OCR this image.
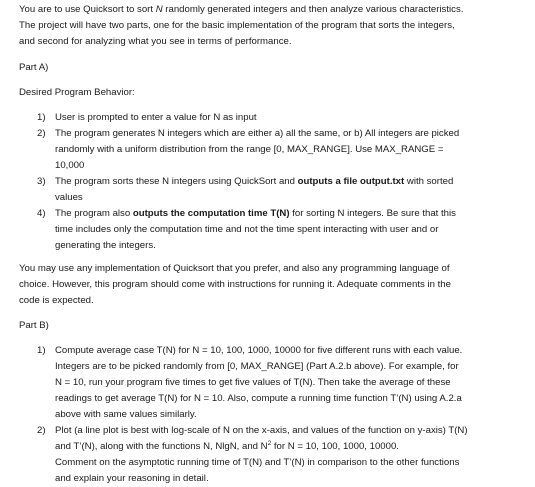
You are to use Quicksort to sort N randomly generated integers and then analyze various characteristics.
The project will have two parts, one for the basic implementation of the program that sorts the integers,
and second for analyzing what you see in terms of performance.
Part A)
Desired Program Behavior:
1) User is prompted to enter a value for N as input
2) The program generates N integers which are either a) all the same, or b) All integers are picked
randomly with a uniform distribution from the range [0, MAX_RANGE]. Use MAX_RANGE =
10,000
3) The program sorts these N integers using QuickSort and outputs a file output.txt with sorted
values
4) The program also outputs the computation time T(N) for sorting N integers. Be sure that this
time includes only the computation time and not the time spent interacting with user and or
generating the integers.
You may use any implementation of Quicksort that you prefer, and also any programming language of
choice. However, this program should come with instructions for running it. Adequate comments in the
code is expected.
Part B)
1) Compute average case T(N) for N = 10, 100, 1000, 10000 for five different runs with each value.
Integers are to be picked randomly from [0, MAX_RANGE] (Part A.2.b above). For example, for
N = 10, run your program five times to get five values of T(N). Then take the average of these
readings to get average T(N) for N = 10. Also, compute a running time function T’(N) using A.2.a
above with same values similarly.
2) Plot (a line plot is best with log-scale of N on the x-axis, and values of the function on y-axis) T(N)
and T’(N), along with the functions N, NlgN, and $N^2$ for N = 10, 100, 1000, 10000.
Comment on the asymptotic running time of T(N) and T’(N) in comparison to the other functions
and explain your reasoning in detail.
